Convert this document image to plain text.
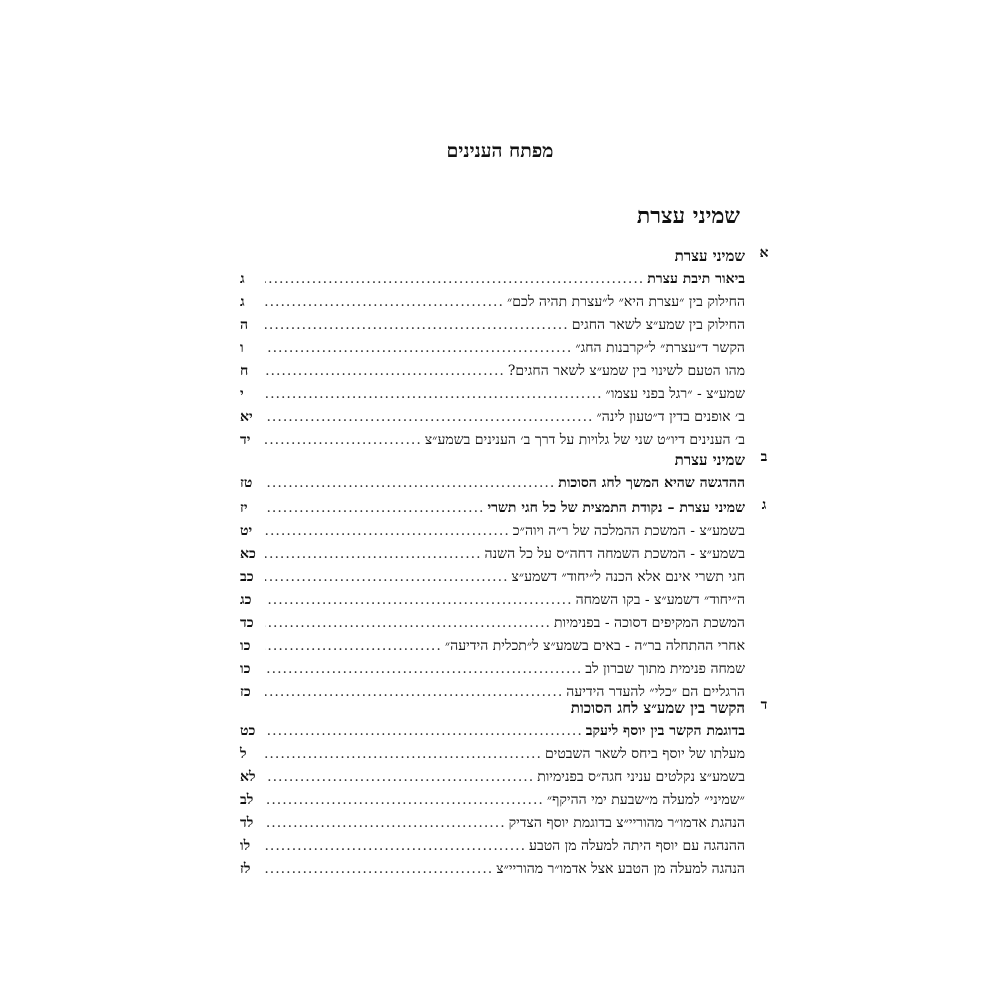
מפתח הענינים
שמיני עצרת
א
שמיני עצרת
ביאור תיבת עצרת
.....
ג
החילוק בין ״עצרת היא״ ל״עצרת תהיה לכם״
.....
ג
החילוק בין שמע״צ לשאר החגים
.....
ה
הקשר ד״עצרת״ ל״קרבנות החג״
.....
ו
מהו הטעם לשינוי בין שמע״צ לשאר החגים?
.....
ח
שמע״צ - ״רגל בפני עצמו״
.....
י
ב׳ אופנים בדין ד״טעון לינה״
.....
יא
ב׳ הענינים דיו״ט שני של גלויות על דרך ב׳ הענינים בשמע״צ
.....
יד
ב
שמיני עצרת
ההדגשה שהיא המשך לחג הסוכות
.....
טז
ג
שמיני עצרת – נקודת התמצית של כל חגי תשרי
.....
יז
בשמע״צ - המשכת ההמלכה של ר״ה ויוה״כ
.....
יט
בשמע״צ - המשכת השמחה דחה״ס על כל השנה
.....
כא
חגי תשרי אינם אלא הכנה ל״יחוד״ דשמע״צ
.....
כב
ה״יחוד״ דשמע״צ - בקו השמחה
.....
כג
המשכת המקיפים דסוכה - בפנימיות
.....
כד
אחרי ההתחלה בר״ה - באים בשמע״צ ל״תכלית הידיעה״
.....
כו
שמחה פנימית מתוך שברון לב
.....
כו
הרגליים הם ״כלי״ להעדר הידיעה
.....
כז
ד
הקשר בין שמע״צ לחג הסוכות
בדוגמת הקשר בין יוסף ליעקב
.....
כט
מעלתו של יוסף ביחס לשאר השבטים
.....
ל
בשמע״צ נקלטים עניני חגה״ס בפנימיות
.....
לא
״שמיני״ למעלה מ״שבעת ימי ההיקף״
.....
לב
הנהגת אדמו״ר מהוריי״צ בדוגמת יוסף הצדיק
.....
לד
ההנהגה עם יוסף היתה למעלה מן הטבע
.....
לו
הנהגה למעלה מן הטבע אצל אדמו״ר מהוריי״צ
.....
לז
